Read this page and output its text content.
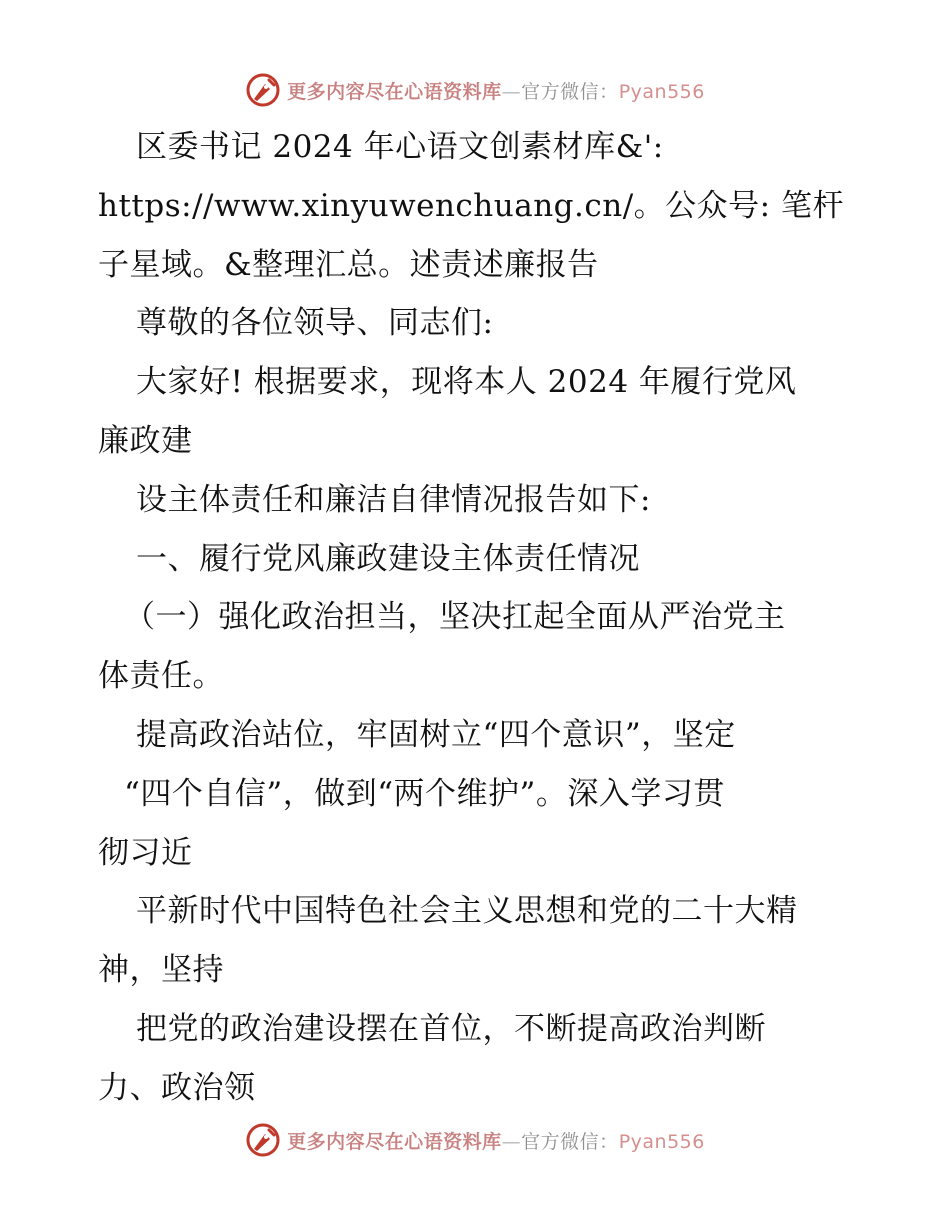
更多内容尽在心语资料库—官方微信：Pyan556
区委书记 2024 年心语文创素材库&':
https://www.xinyuwenchuang.cn/。公众号: 笔杆
子星域。&整理汇总。述责述廉报告
尊敬的各位领导、同志们:
大家好! 根据要求，现将本人 2024 年履行党风
廉政建
设主体责任和廉洁自律情况报告如下:
一、履行党风廉政建设主体责任情况
（一）强化政治担当，坚决扛起全面从严治党主
体责任。
提高政治站位，牢固树立“四个意识”，坚定
“四个自信”，做到“两个维护”。深入学习贯
彻习近
平新时代中国特色社会主义思想和党的二十大精
神，坚持
把党的政治建设摆在首位，不断提高政治判断
力、政治领
更多内容尽在心语资料库—官方微信：Pyan556
